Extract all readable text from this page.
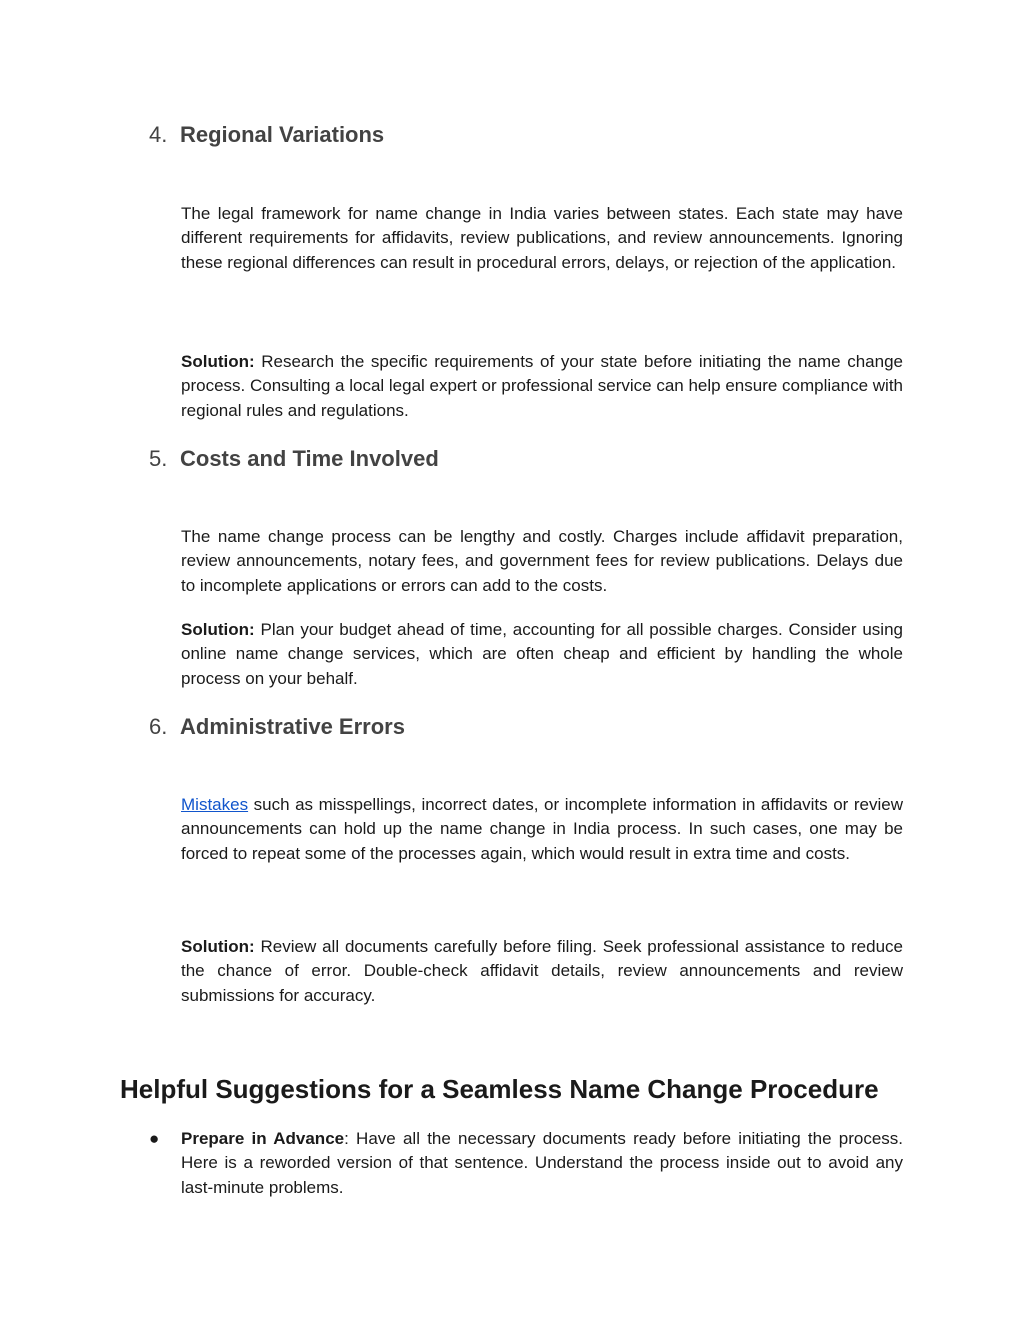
4. Regional Variations

The legal framework for name change in India varies between states. Each state may have different requirements for affidavits, review publications, and review announcements. Ignoring these regional differences can result in procedural errors, delays, or rejection of the application.

Solution: Research the specific requirements of your state before initiating the name change process. Consulting a local legal expert or professional service can help ensure compliance with regional rules and regulations.

5. Costs and Time Involved

The name change process can be lengthy and costly. Charges include affidavit preparation, review announcements, notary fees, and government fees for review publications. Delays due to incomplete applications or errors can add to the costs.

Solution: Plan your budget ahead of time, accounting for all possible charges. Consider using online name change services, which are often cheap and efficient by handling the whole process on your behalf.

6. Administrative Errors

Mistakes such as misspellings, incorrect dates, or incomplete information in affidavits or review announcements can hold up the name change in India process. In such cases, one may be forced to repeat some of the processes again, which would result in extra time and costs.

Solution: Review all documents carefully before filing. Seek professional assistance to reduce the chance of error. Double-check affidavit details, review announcements and review submissions for accuracy.

Helpful Suggestions for a Seamless Name Change Procedure
● Prepare in Advance: Have all the necessary documents ready before initiating the process. Here is a reworded version of that sentence. Understand the process inside out to avoid any last-minute problems.
